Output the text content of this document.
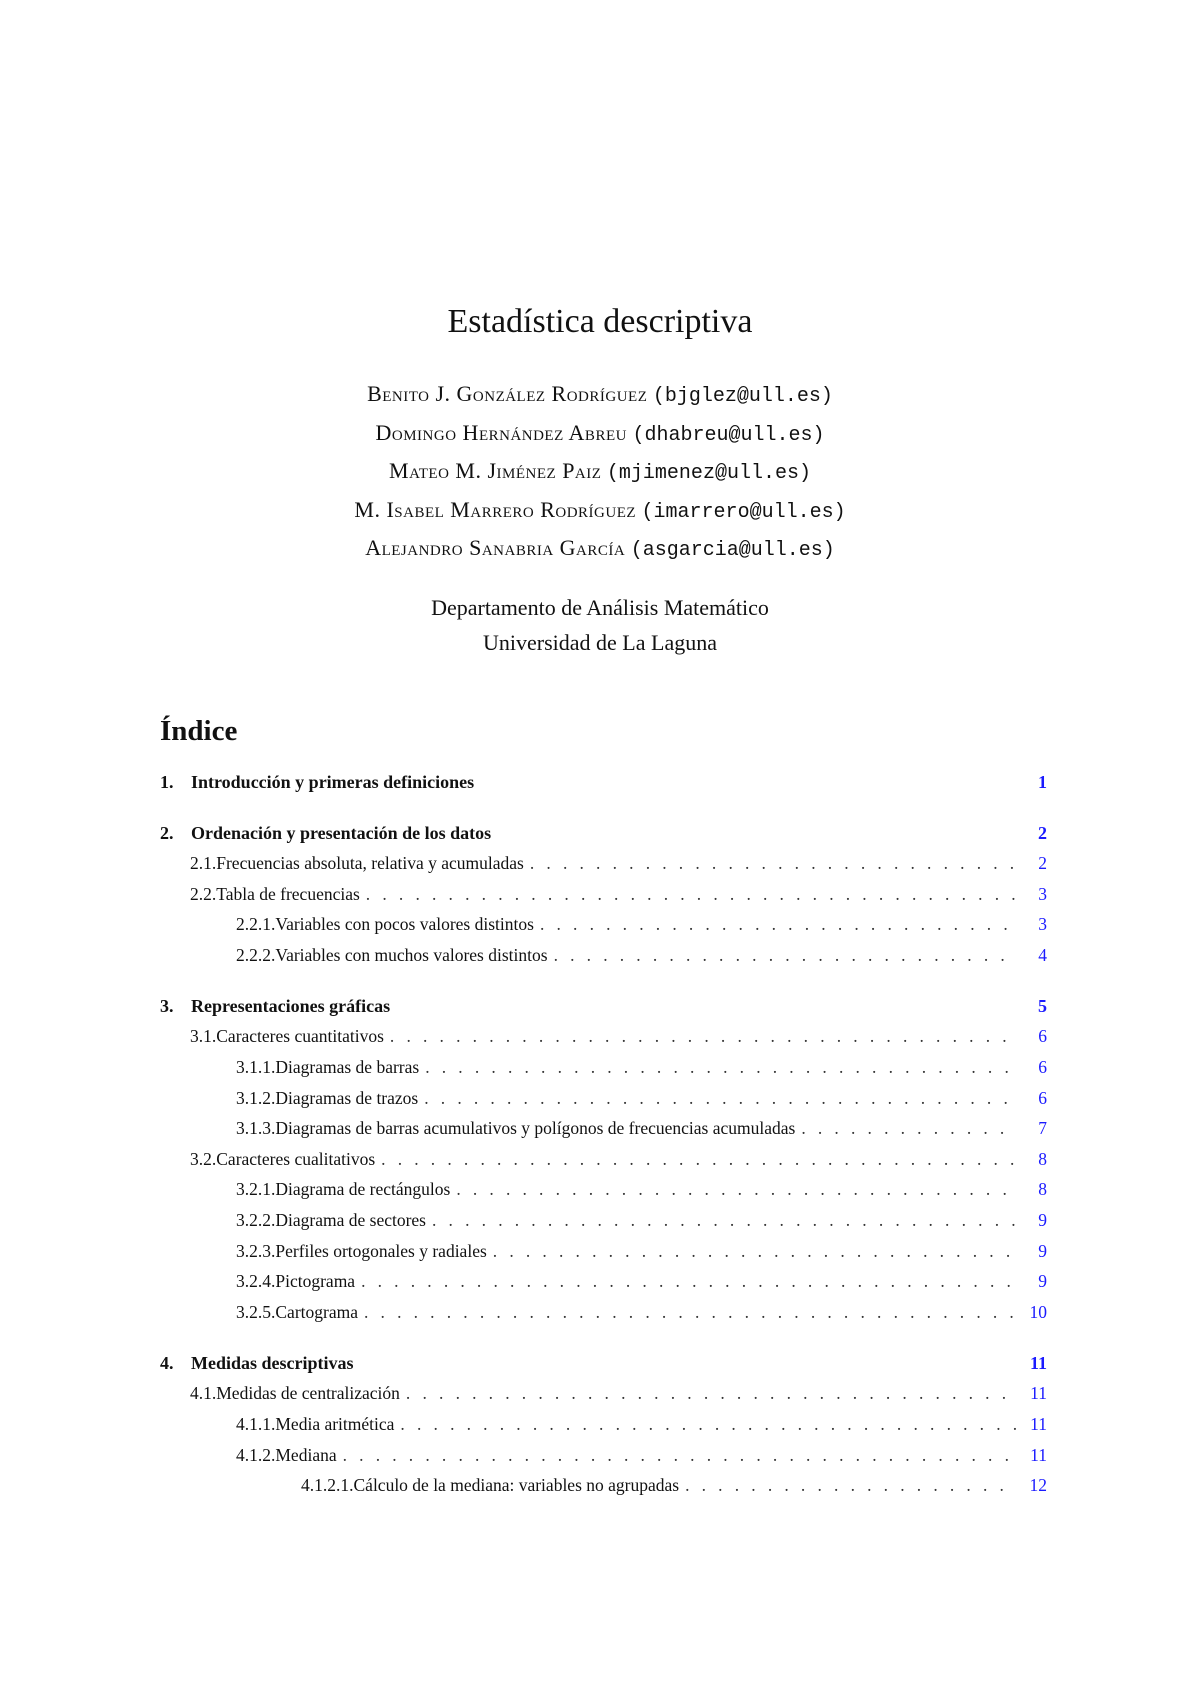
Estadística descriptiva
Benito J. González Rodríguez (bjglez@ull.es)
Domingo Hernández Abreu (dhabreu@ull.es)
Mateo M. Jiménez Paiz (mjimenez@ull.es)
M. Isabel Marrero Rodríguez (imarrero@ull.es)
Alejandro Sanabria García (asgarcia@ull.es)
Departamento de Análisis Matemático
Universidad de La Laguna
Índice
1. Introducción y primeras definiciones	1
2. Ordenación y presentación de los datos	2
2.1. Frecuencias absoluta, relativa y acumuladas . . .	2
2.2. Tabla de frecuencias . . .	3
2.2.1. Variables con pocos valores distintos . . .	3
2.2.2. Variables con muchos valores distintos . . .	4
3. Representaciones gráficas	5
3.1. Caracteres cuantitativos . . .	6
3.1.1. Diagramas de barras . . .	6
3.1.2. Diagramas de trazos . . .	6
3.1.3. Diagramas de barras acumulativos y polígonos de frecuencias acumuladas . . .	7
3.2. Caracteres cualitativos . . .	8
3.2.1. Diagrama de rectángulos . . .	8
3.2.2. Diagrama de sectores . . .	9
3.2.3. Perfiles ortogonales y radiales . . .	9
3.2.4. Pictograma . . .	9
3.2.5. Cartograma . . .	10
4. Medidas descriptivas	11
4.1. Medidas de centralización . . .	11
4.1.1. Media aritmética . . .	11
4.1.2. Mediana . . .	11
4.1.2.1. Cálculo de la mediana: variables no agrupadas . . .	12
